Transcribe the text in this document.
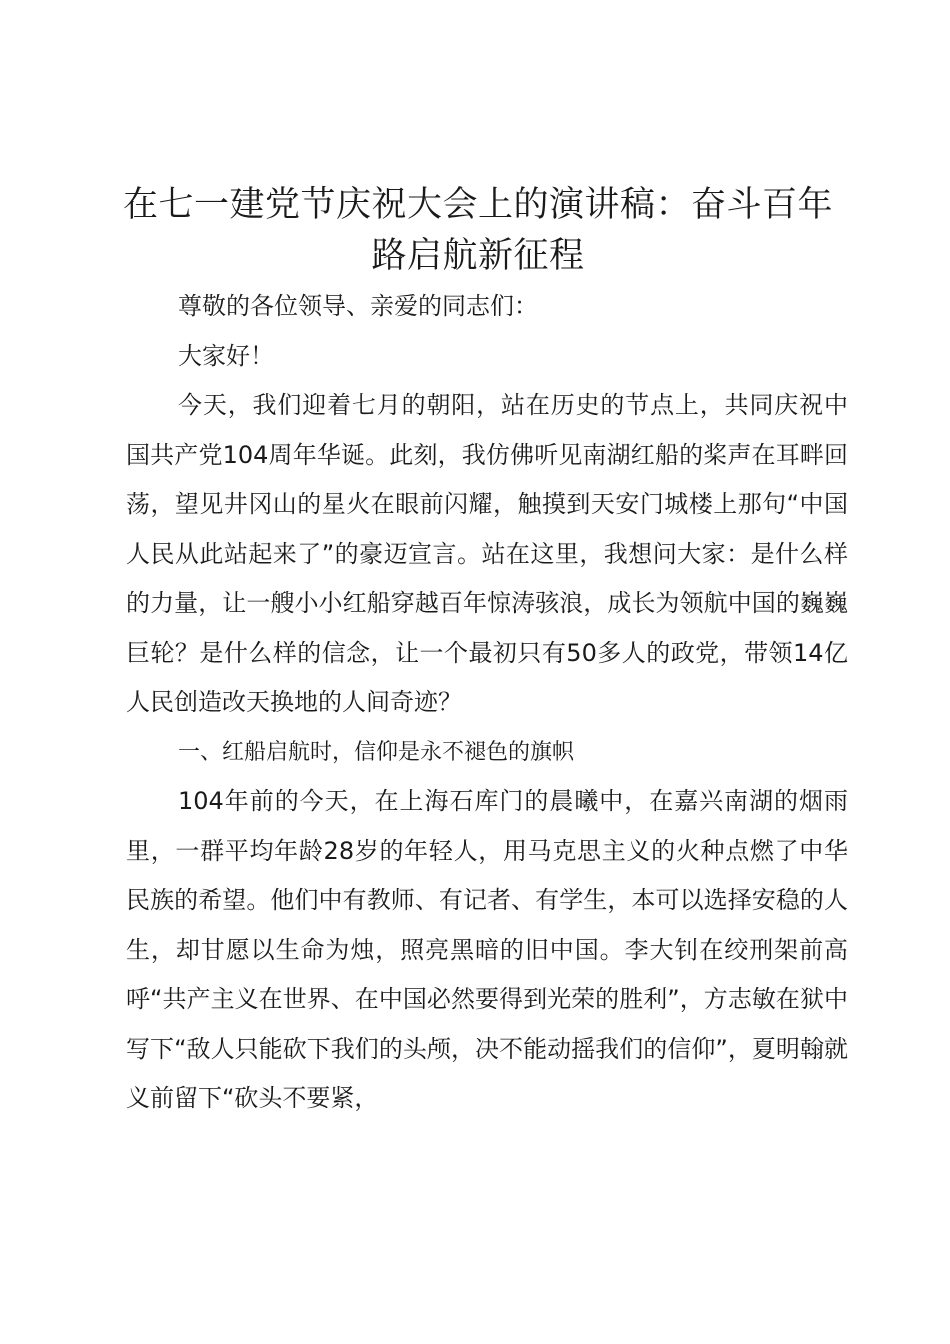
在七一建党节庆祝大会上的演讲稿：奋斗百年路启航新征程

尊敬的各位领导、亲爱的同志们：

大家好！

今天，我们迎着七月的朝阳，站在历史的节点上，共同庆祝中国共产党104周年华诞。此刻，我仿佛听见南湖红船的桨声在耳畔回荡，望见井冈山的星火在眼前闪耀，触摸到天安门城楼上那句“中国人民从此站起来了”的豪迈宣言。站在这里，我想问大家：是什么样的力量，让一艘小小红船穿越百年惊涛骇浪，成长为领航中国的巍巍巨轮？是什么样的信念，让一个最初只有50多人的政党，带领14亿人民创造改天换地的人间奇迹？

一、红船启航时，信仰是永不褪色的旗帜

104年前的今天，在上海石库门的晨曦中，在嘉兴南湖的烟雨里，一群平均年龄28岁的年轻人，用马克思主义的火种点燃了中华民族的希望。他们中有教师、有记者、有学生，本可以选择安稳的人生，却甘愿以生命为烛，照亮黑暗的旧中国。李大钊在绞刑架前高呼“共产主义在世界、在中国必然要得到光荣的胜利”，方志敏在狱中写下“敌人只能砍下我们的头颅，决不能动摇我们的信仰”，夏明翰就义前留下“砍头不要紧，
